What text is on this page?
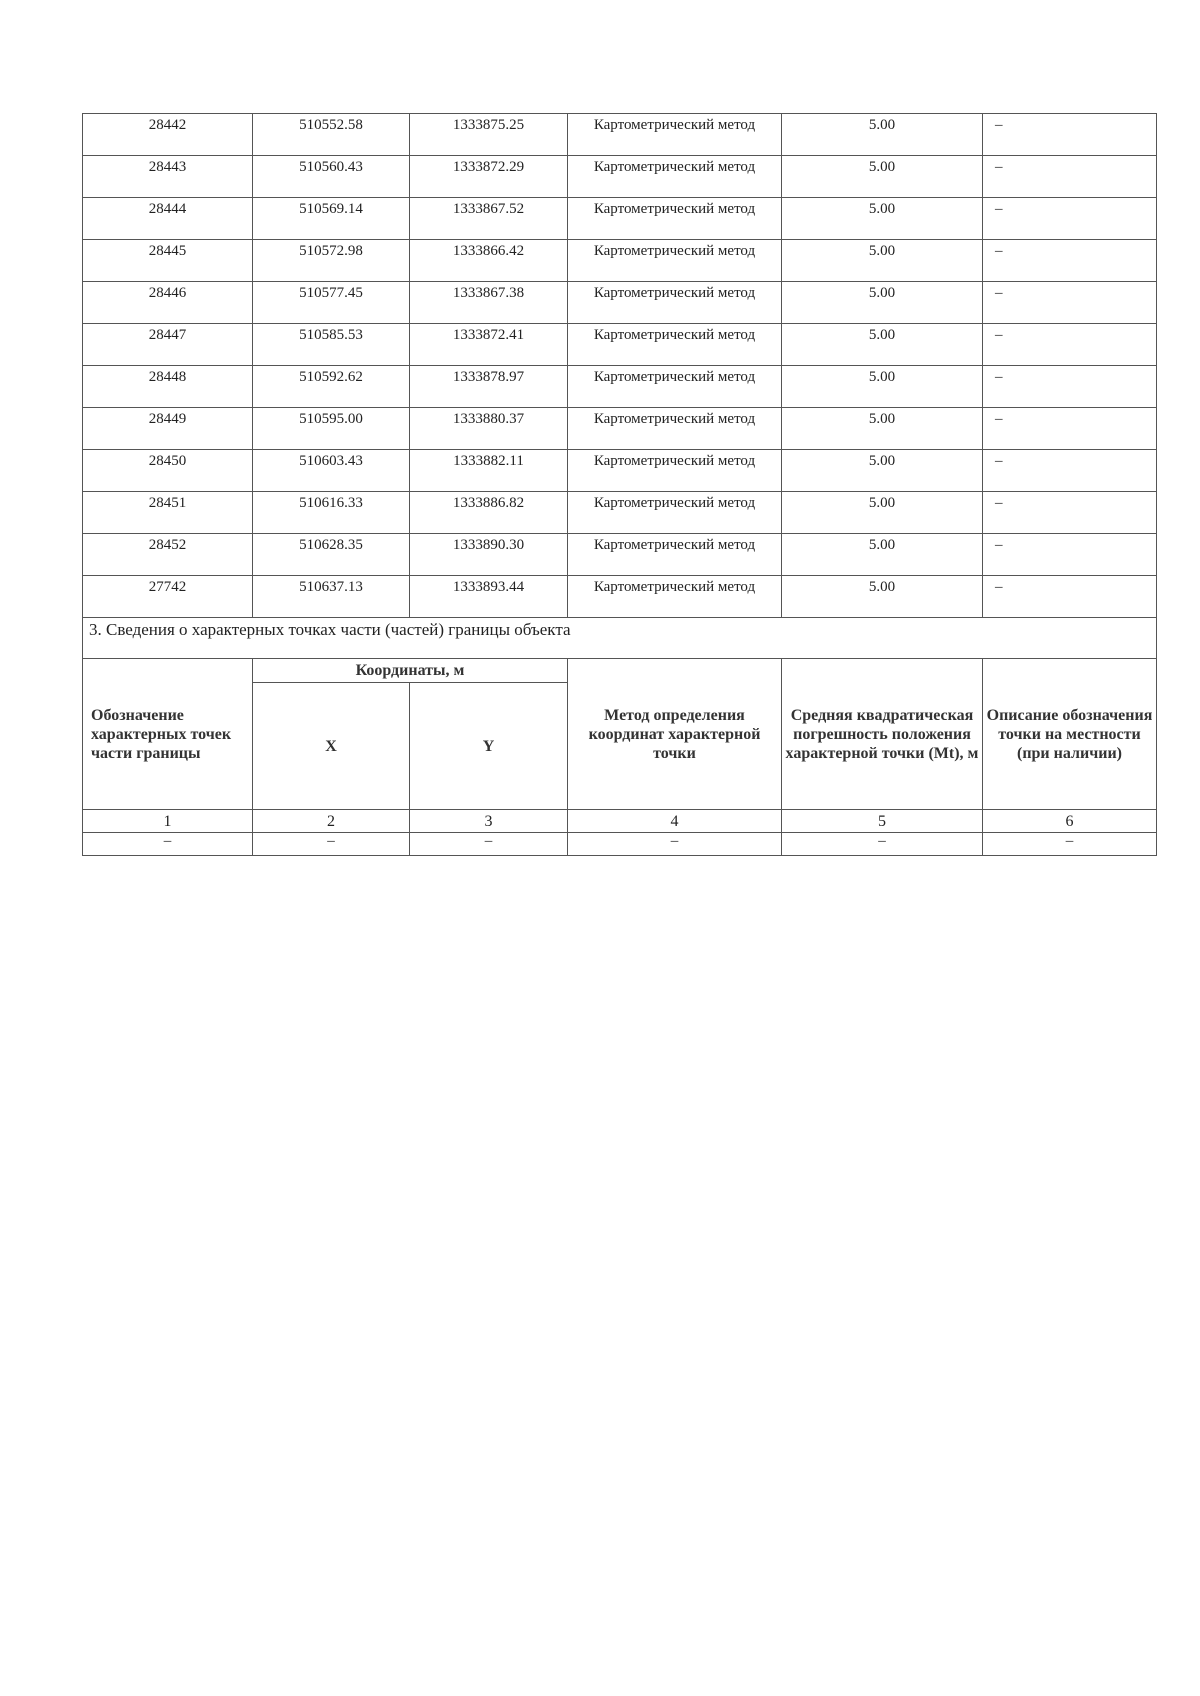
28442	510552.58	1333875.25	Картометрический метод	5.00	–
28443	510560.43	1333872.29	Картометрический метод	5.00	–
28444	510569.14	1333867.52	Картометрический метод	5.00	–
28445	510572.98	1333866.42	Картометрический метод	5.00	–
28446	510577.45	1333867.38	Картометрический метод	5.00	–
28447	510585.53	1333872.41	Картометрический метод	5.00	–
28448	510592.62	1333878.97	Картометрический метод	5.00	–
28449	510595.00	1333880.37	Картометрический метод	5.00	–
28450	510603.43	1333882.11	Картометрический метод	5.00	–
28451	510616.33	1333886.82	Картометрический метод	5.00	–
28452	510628.35	1333890.30	Картометрический метод	5.00	–
27742	510637.13	1333893.44	Картометрический метод	5.00	–
3. Сведения о характерных точках части (частей) границы объекта					
Обозначение характерных точек части границы	Координаты, м		Метод определения координат характерной точки	Средняя квадратическая погрешность положения характерной точки (Mt), м	Описание обозначения точки на местности (при наличии)
	X	Y			
1	2	3	4	5	6
–	–	–	–	–	–
